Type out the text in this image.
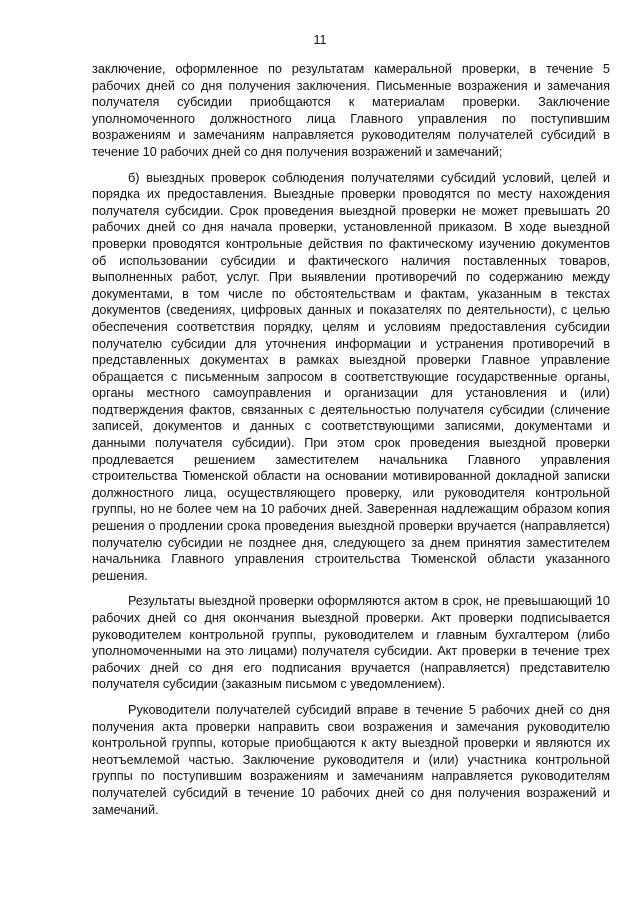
11

заключение, оформленное по результатам камеральной проверки, в течение 5 рабочих дней со дня получения заключения. Письменные возражения и замечания получателя субсидии приобщаются к материалам проверки. Заключение уполномоченного должностного лица Главного управления по поступившим возражениям и замечаниям направляется руководителям получателей субсидий в течение 10 рабочих дней со дня получения возражений и замечаний;

б) выездных проверок соблюдения получателями субсидий условий, целей и порядка их предоставления. Выездные проверки проводятся по месту нахождения получателя субсидии. Срок проведения выездной проверки не может превышать 20 рабочих дней со дня начала проверки, установленной приказом. В ходе выездной проверки проводятся контрольные действия по фактическому изучению документов об использовании субсидии и фактического наличия поставленных товаров, выполненных работ, услуг. При выявлении противоречий по содержанию между документами, в том числе по обстоятельствам и фактам, указанным в текстах документов (сведениях, цифровых данных и показателях по деятельности), с целью обеспечения соответствия порядку, целям и условиям предоставления субсидии получателю субсидии для уточнения информации и устранения противоречий в представленных документах в рамках выездной проверки Главное управление обращается с письменным запросом в соответствующие государственные органы, органы местного самоуправления и организации для установления и (или) подтверждения фактов, связанных с деятельностью получателя субсидии (сличение записей, документов и данных с соответствующими записями, документами и данными получателя субсидии). При этом срок проведения выездной проверки продлевается решением заместителем начальника Главного управления строительства Тюменской области на основании мотивированной докладной записки должностного лица, осуществляющего проверку, или руководителя контрольной группы, но не более чем на 10 рабочих дней. Заверенная надлежащим образом копия решения о продлении срока проведения выездной проверки вручается (направляется) получателю субсидии не позднее дня, следующего за днем принятия заместителем начальника Главного управления строительства Тюменской области указанного решения.

Результаты выездной проверки оформляются актом в срок, не превышающий 10 рабочих дней со дня окончания выездной проверки. Акт проверки подписывается руководителем контрольной группы, руководителем и главным бухгалтером (либо уполномоченными на это лицами) получателя субсидии. Акт проверки в течение трех рабочих дней со дня его подписания вручается (направляется) представителю получателя субсидии (заказным письмом с уведомлением).

Руководители получателей субсидий вправе в течение 5 рабочих дней со дня получения акта проверки направить свои возражения и замечания руководителю контрольной группы, которые приобщаются к акту выездной проверки и являются их неотъемлемой частью. Заключение руководителя и (или) участника контрольной группы по поступившим возражениям и замечаниям направляется руководителям получателей субсидий в течение 10 рабочих дней со дня получения возражений и замечаний.
